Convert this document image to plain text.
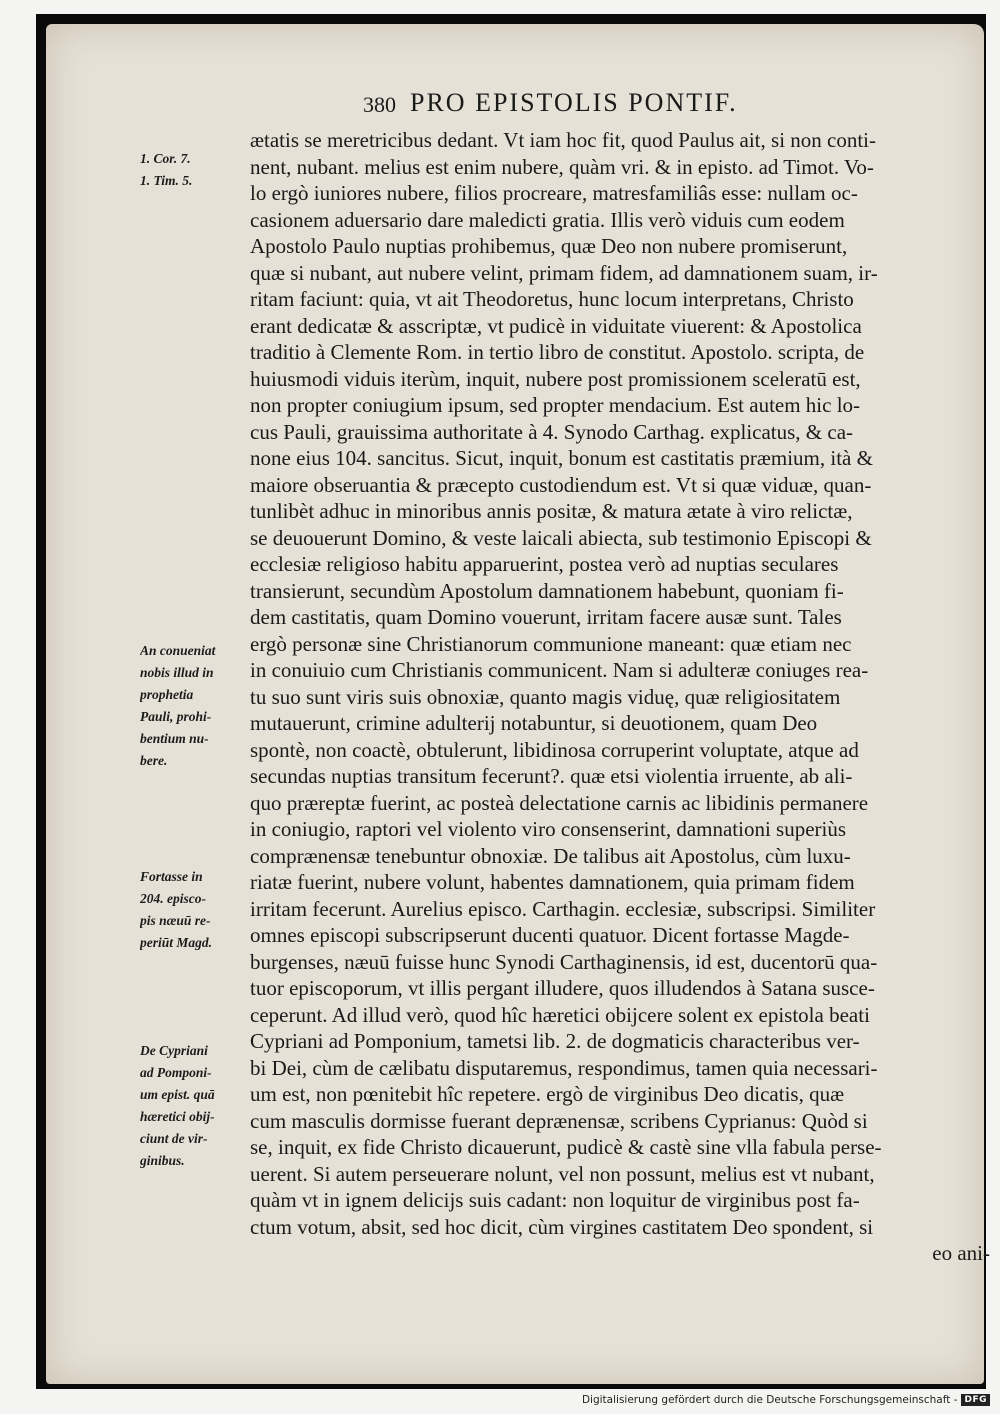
380 PRO EPISTOLIS PONTIF.
ætatis se meretricibus dedant. Vt iam hoc fit, quod Paulus ait, si non conti-
nent, nubant. melius est enim nubere, quàm vri. & in episto. ad Timot. Vo-
lo ergò iuniores nubere, filios procreare, matresfamiliâs esse: nullam oc-
casionem aduersario dare maledicti gratia. Illis verò viduis cum eodem
Apostolo Paulo nuptias prohibemus, quæ Deo non nubere promiserunt,
quæ si nubant, aut nubere velint, primam fidem, ad damnationem suam, ir-
ritam faciunt: quia, vt ait Theodoretus, hunc locum interpretans, Christo
erant dedicatæ & asscriptæ, vt pudicè in viduitate viuerent: & Apostolica
traditio à Clemente Rom. in tertio libro de constitut. Apostolo. scripta, de
huiusmodi viduis iterùm, inquit, nubere post promissionem sceleratū est,
non propter coniugium ipsum, sed propter mendacium. Est autem hic lo-
cus Pauli, grauissima authoritate à 4. Synodo Carthag. explicatus, & ca-
none eius 104. sancitus. Sicut, inquit, bonum est castitatis præmium, ità &
maiore obseruantia & præcepto custodiendum est. Vt si quæ viduæ, quan-
tunlibèt adhuc in minoribus annis positæ, & matura ætate à viro relictæ,
se deuouerunt Domino, & veste laicali abiecta, sub testimonio Episcopi &
ecclesiæ religioso habitu apparuerint, postea verò ad nuptias seculares
transierunt, secundùm Apostolum damnationem habebunt, quoniam fi-
dem castitatis, quam Domino vouerunt, irritam facere ausæ sunt. Tales
ergò personæ sine Christianorum communione maneant: quæ etiam nec
in conuiuio cum Christianis communicent. Nam si adulteræ coniuges rea-
tu suo sunt viris suis obnoxiæ, quanto magis viduę, quæ religiositatem
mutauerunt, crimine adulterij notabuntur, si deuotionem, quam Deo
spontè, non coactè, obtulerunt, libidinosa corruperint voluptate, atque ad
secundas nuptias transitum fecerunt?. quæ etsi violentia irruente, ab ali-
quo præreptæ fuerint, ac posteà delectatione carnis ac libidinis permanere
in coniugio, raptori vel violento viro consenserint, damnationi superiùs
comprænensæ tenebuntur obnoxiæ. De talibus ait Apostolus, cùm luxu-
riatæ fuerint, nubere volunt, habentes damnationem, quia primam fidem
irritam fecerunt. Aurelius episco. Carthagin. ecclesiæ, subscripsi. Similiter
omnes episcopi subscripserunt ducenti quatuor. Dicent fortasse Magde-
burgenses, næuū fuisse hunc Synodi Carthaginensis, id est, ducentorū qua-
tuor episcoporum, vt illis pergant illudere, quos illudendos à Satana susce-
ceperunt. Ad illud verò, quod hîc hæretici obijcere solent ex epistola beati
Cypriani ad Pomponium, tametsi lib. 2. de dogmaticis characteribus ver-
bi Dei, cùm de cælibatu disputaremus, respondimus, tamen quia necessari-
um est, non pœnitebit hîc repetere. ergò de virginibus Deo dicatis, quæ
cum masculis dormisse fuerant deprænensæ, scribens Cyprianus: Quòd si
se, inquit, ex fide Christo dicauerunt, pudicè & castè sine vlla fabula perse-
uerent. Si autem perseuerare nolunt, vel non possunt, melius est vt nubant,
quàm vt in ignem delicijs suis cadant: non loquitur de virginibus post fa-
ctum votum, absit, sed hoc dicit, cùm virgines castitatem Deo spondent, si
eo ani-
1. Cor. 7.
1. Tim. 5.
An conueniat
nobis illud in
prophetia
Pauli, prohi-
bentium nu-
bere.
Fortasse in
204. episco-
pis næuū re-
periūt Magd.
De Cypriani
ad Pomponi-
um epist. quā
hæretici obij-
ciunt de vir-
ginibus.
Digitalisierung gefördert durch die Deutsche Forschungsgemeinschaft - DFG
